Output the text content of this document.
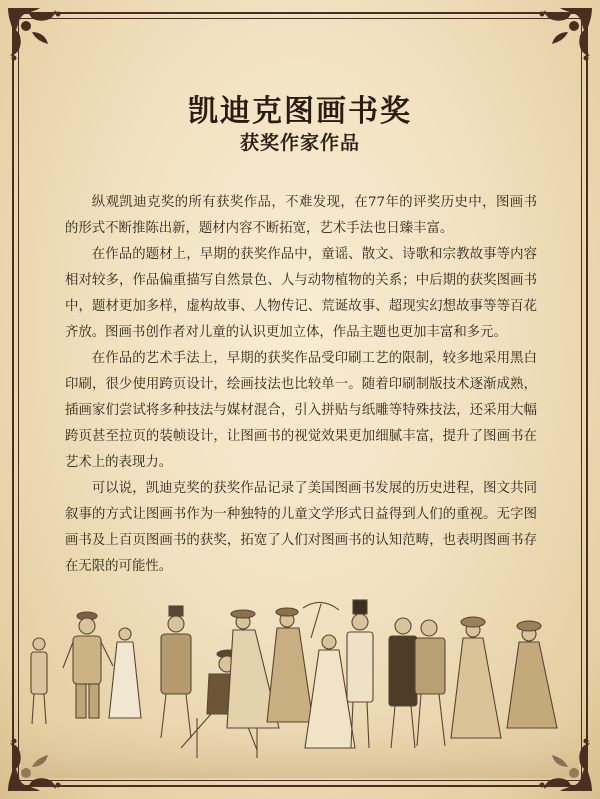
凯迪克图画书奖
获奖作家作品

纵观凯迪克奖的所有获奖作品，不难发现，在77年的评奖历史中，图画书的形式不断推陈出新，题材内容不断拓宽，艺术手法也日臻丰富。

在作品的题材上，早期的获奖作品中，童谣、散文、诗歌和宗教故事等内容相对较多，作品偏重描写自然景色、人与动物植物的关系；中后期的获奖图画书中，题材更加多样，虚构故事、人物传记、荒诞故事、超现实幻想故事等等百花齐放。图画书创作者对儿童的认识更加立体，作品主题也更加丰富和多元。

在作品的艺术手法上，早期的获奖作品受印刷工艺的限制，较多地采用黑白印刷，很少使用跨页设计，绘画技法也比较单一。随着印刷制版技术逐渐成熟，插画家们尝试将多种技法与媒材混合，引入拼贴与纸雕等特殊技法，还采用大幅跨页甚至拉页的装帧设计，让图画书的视觉效果更加细腻丰富，提升了图画书在艺术上的表现力。

可以说，凯迪克奖的获奖作品记录了美国图画书发展的历史进程，图文共同叙事的方式让图画书作为一种独特的儿童文学形式日益得到人们的重视。无字图画书及上百页图画书的获奖，拓宽了人们对图画书的认知范畴，也表明图画书存在无限的可能性。
